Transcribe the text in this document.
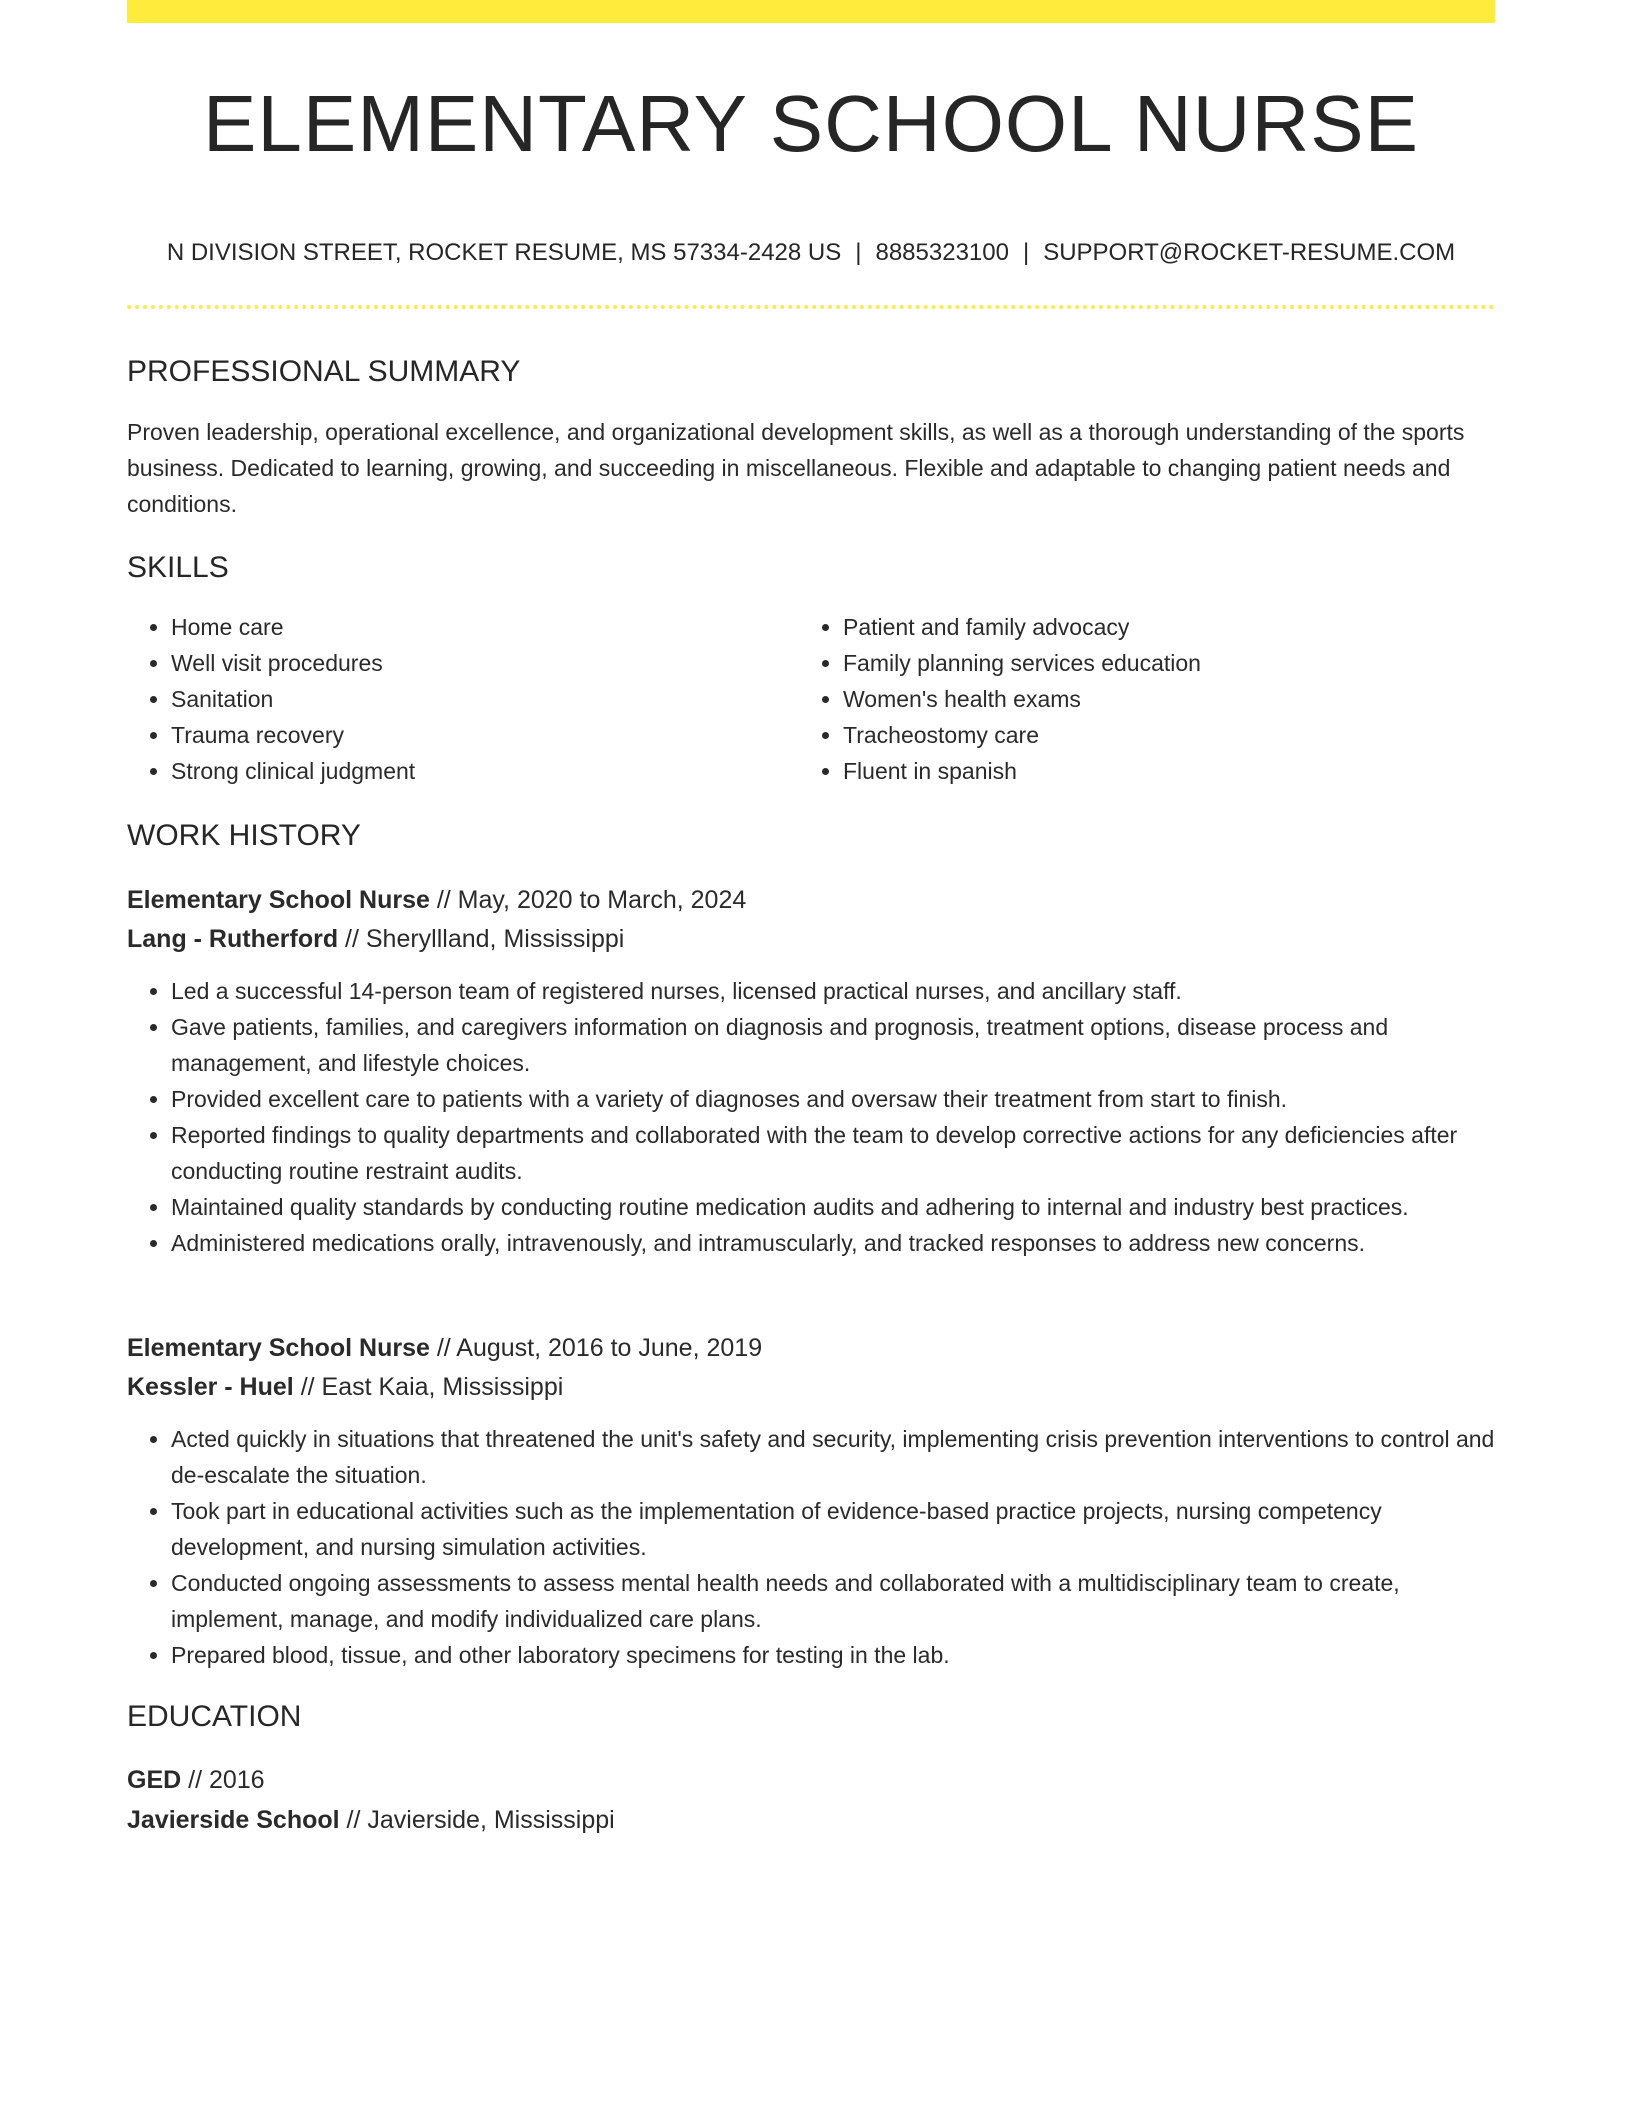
ELEMENTARY SCHOOL NURSE
N DIVISION STREET, ROCKET RESUME, MS 57334-2428 US | 8885323100 | SUPPORT@ROCKET-RESUME.COM
PROFESSIONAL SUMMARY

Proven leadership, operational excellence, and organizational development skills, as well as a thorough understanding of the sports business. Dedicated to learning, growing, and succeeding in miscellaneous. Flexible and adaptable to changing patient needs and conditions.

SKILLS
• Home care
• Well visit procedures
• Sanitation
• Trauma recovery
• Strong clinical judgment
• Patient and family advocacy
• Family planning services education
• Women's health exams
• Tracheostomy care
• Fluent in spanish
WORK HISTORY
Elementary School Nurse // May, 2020 to March, 2024
Lang - Rutherford // Sheryllland, Mississippi
• Led a successful 14-person team of registered nurses, licensed practical nurses, and ancillary staff.
• Gave patients, families, and caregivers information on diagnosis and prognosis, treatment options, disease process and management, and lifestyle choices.
• Provided excellent care to patients with a variety of diagnoses and oversaw their treatment from start to finish.
• Reported findings to quality departments and collaborated with the team to develop corrective actions for any deficiencies after conducting routine restraint audits.
• Maintained quality standards by conducting routine medication audits and adhering to internal and industry best practices.
• Administered medications orally, intravenously, and intramuscularly, and tracked responses to address new concerns.
Elementary School Nurse // August, 2016 to June, 2019
Kessler - Huel // East Kaia, Mississippi
• Acted quickly in situations that threatened the unit's safety and security, implementing crisis prevention interventions to control and de-escalate the situation.
• Took part in educational activities such as the implementation of evidence-based practice projects, nursing competency development, and nursing simulation activities.
• Conducted ongoing assessments to assess mental health needs and collaborated with a multidisciplinary team to create, implement, manage, and modify individualized care plans.
• Prepared blood, tissue, and other laboratory specimens for testing in the lab.
EDUCATION
GED // 2016
Javierside School // Javierside, Mississippi
